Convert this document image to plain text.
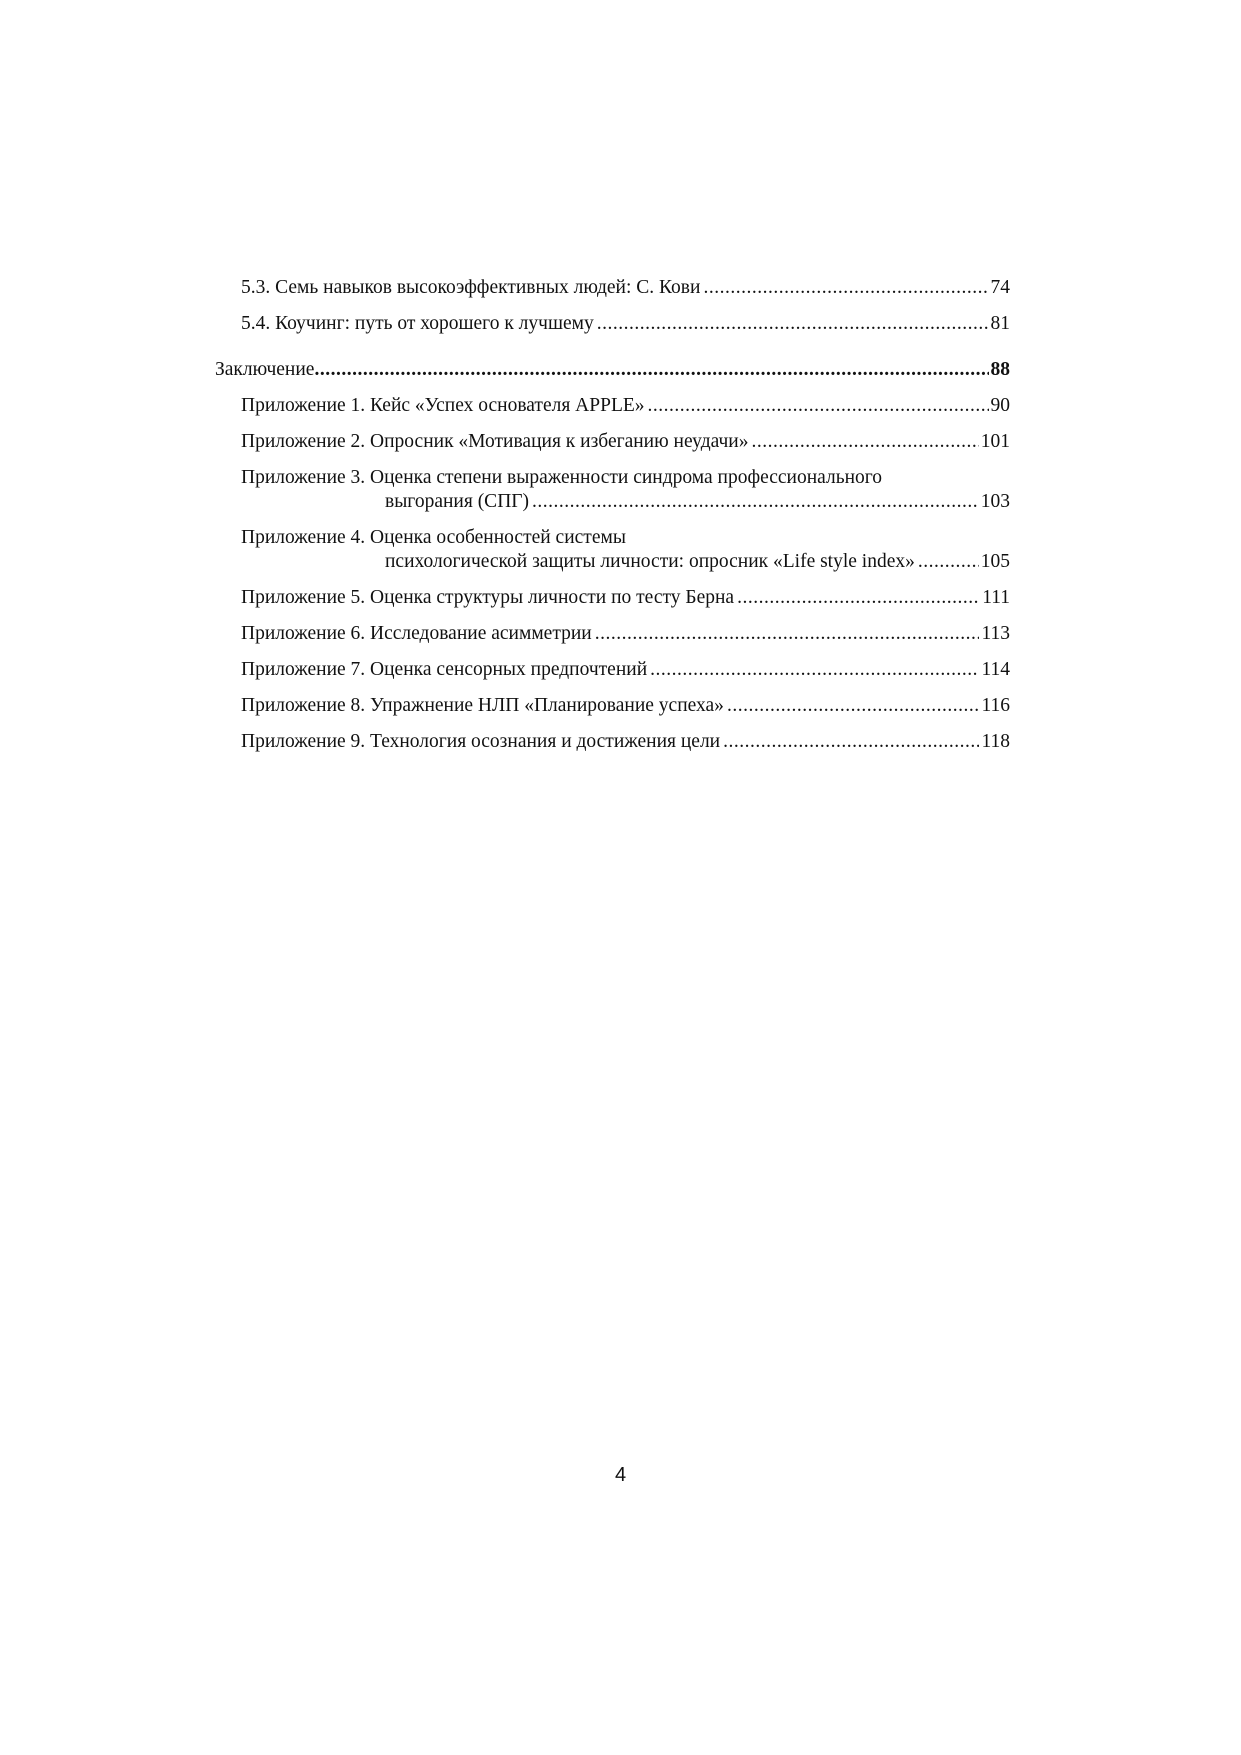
5.3. Семь навыков высокоэффективных людей: С. Кови .....	74
5.4. Коучинг: путь от хорошего к лучшему .....	81
Заключение .....	88
Приложение 1. Кейс «Успех основателя APPLE» .....	90
Приложение 2. Опросник «Мотивация к избеганию неудачи» .....	101
Приложение 3. Оценка степени выраженности синдрома профессионального
выгорания (СПГ) .....	103
Приложение 4. Оценка особенностей системы
психологической защиты личности: опросник «Life style index» .....	105
Приложение 5. Оценка структуры личности по тесту Берна .....	111
Приложение 6. Исследование асимметрии .....	113
Приложение 7. Оценка сенсорных предпочтений .....	114
Приложение 8. Упражнение НЛП «Планирование успеха» .....	116
Приложение 9. Технология осознания и достижения цели .....	118
4
